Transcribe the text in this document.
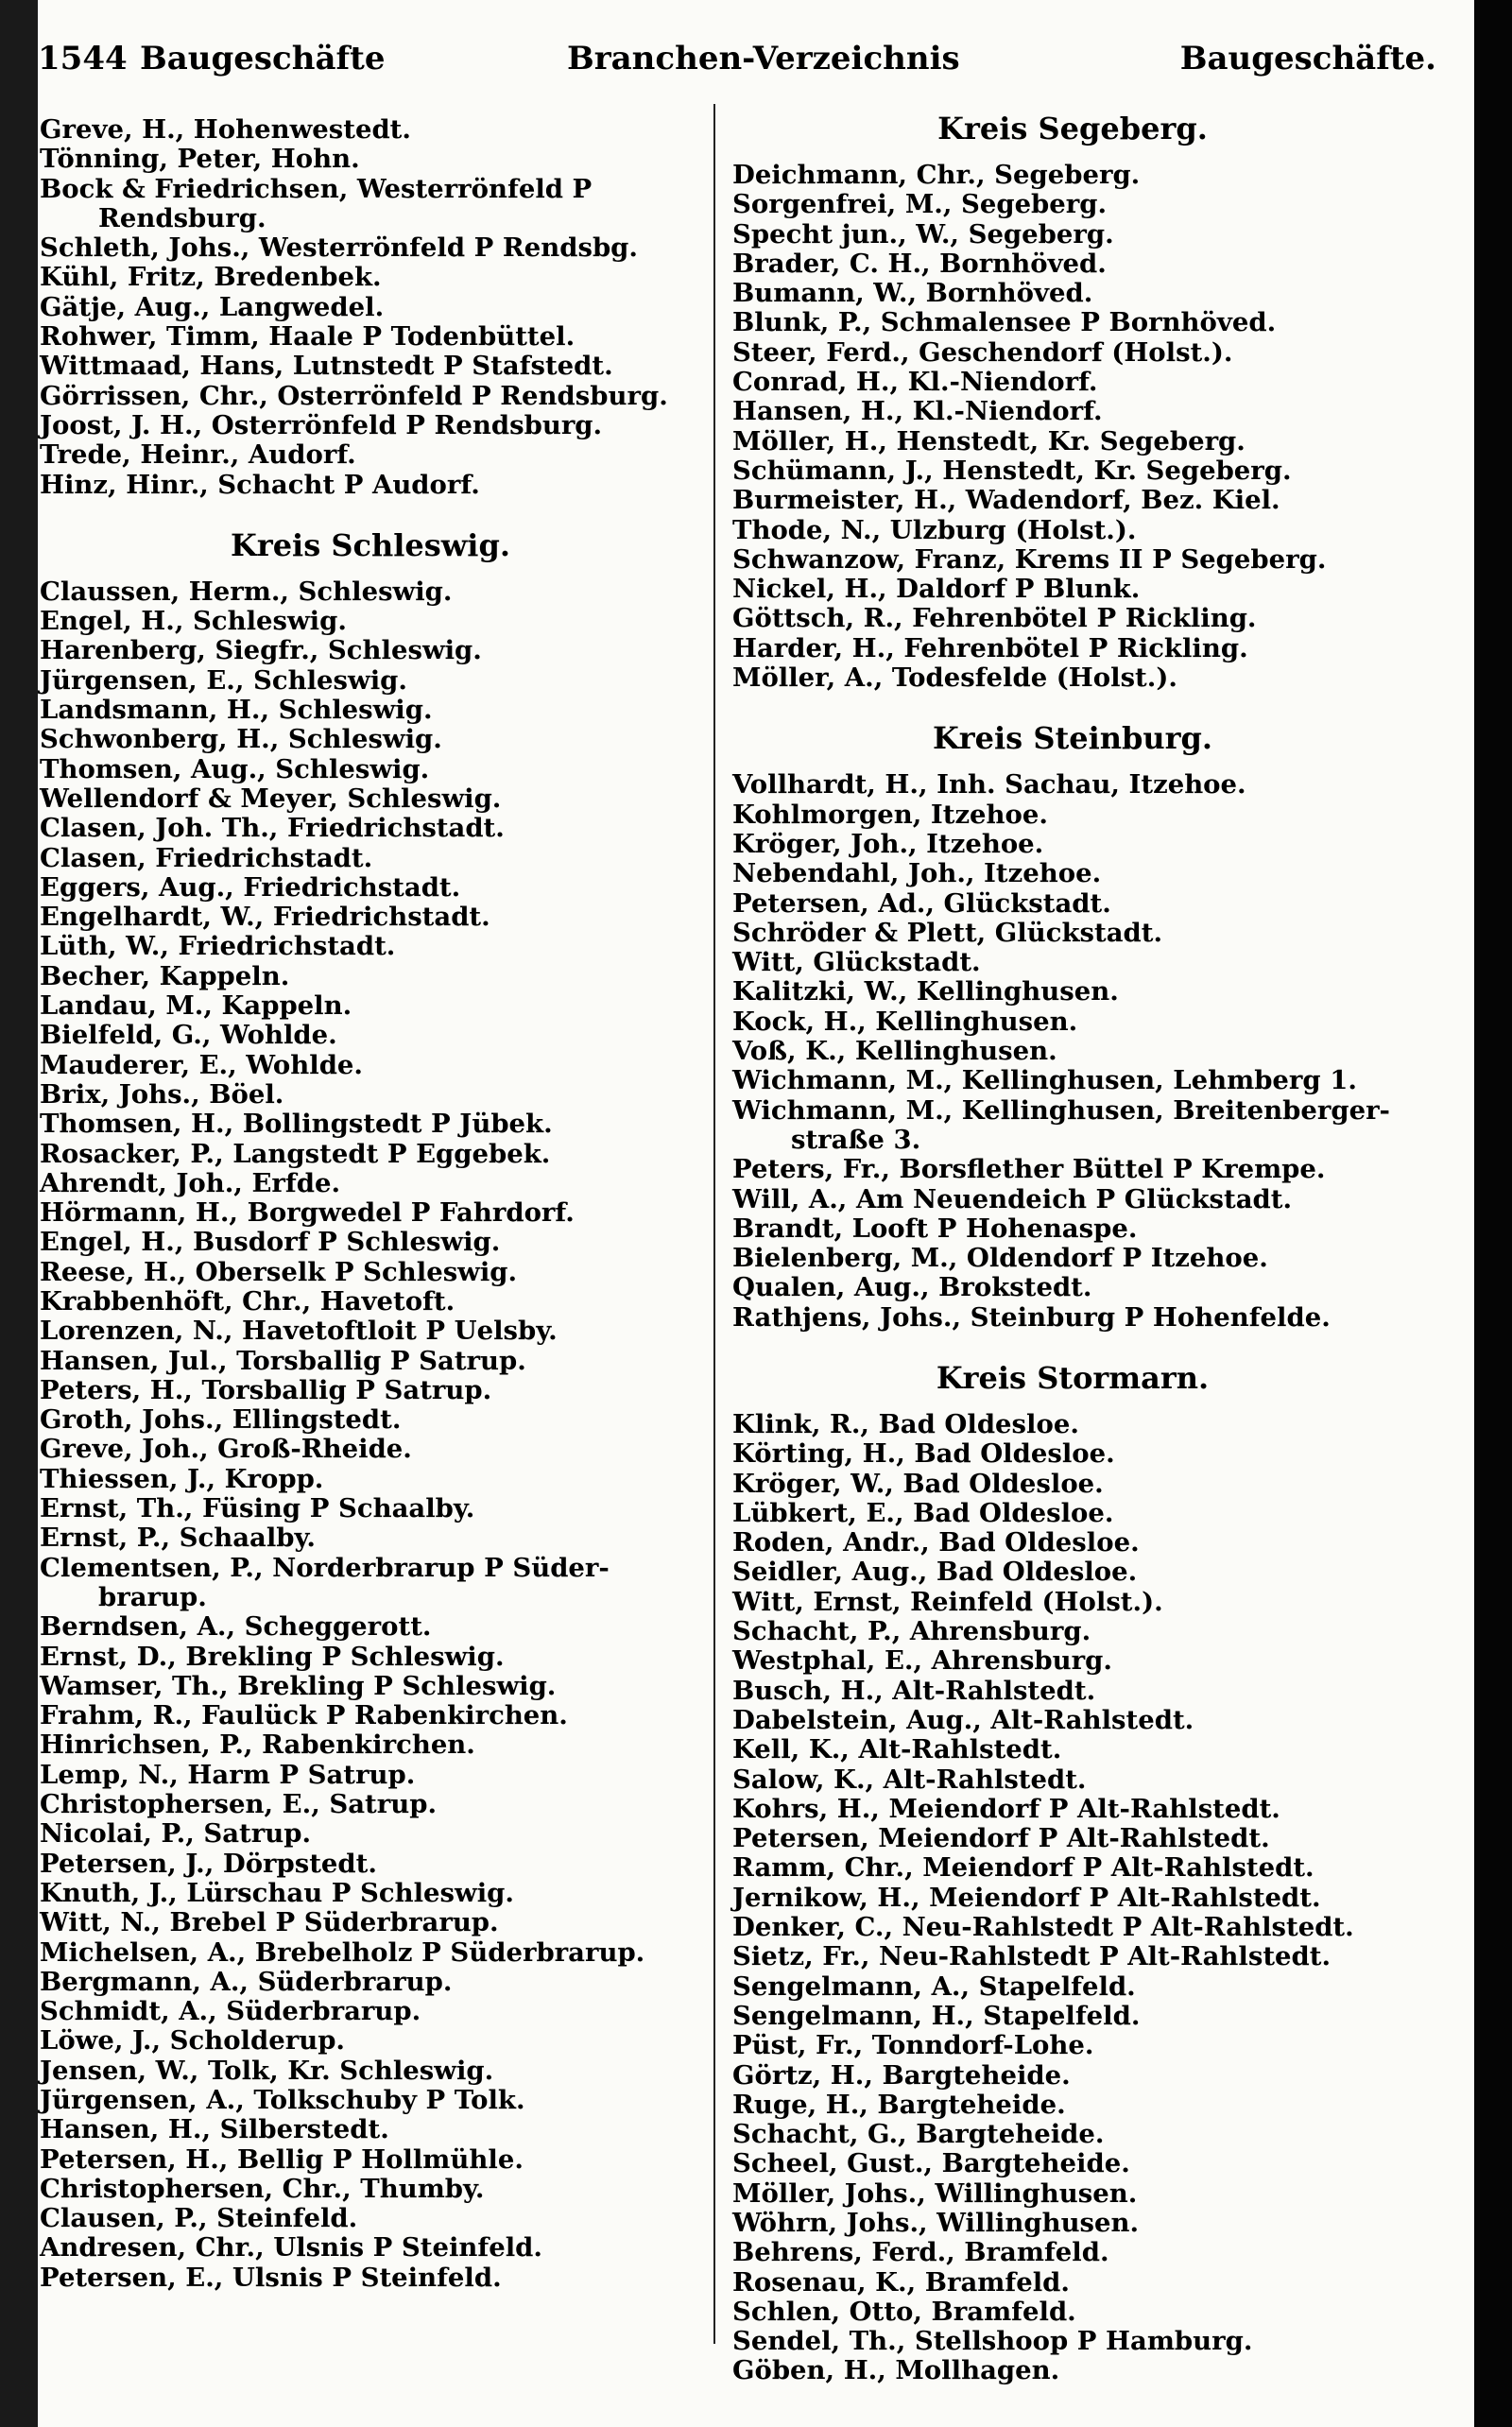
1544 Baugeschäfte	Branchen-Verzeichnis	Baugeschäfte.
Greve, H., Hohenwestedt.
Tönning, Peter, Hohn.
Bock & Friedrichsen, Westerrönfeld P
Rendsburg.
Schleth, Johs., Westerrönfeld P Rendsbg.
Kühl, Fritz, Bredenbek.
Gätje, Aug., Langwedel.
Rohwer, Timm, Haale P Todenbüttel.
Wittmaad, Hans, Lutnstedt P Stafstedt.
Görrissen, Chr., Osterrönfeld P Rendsburg.
Joost, J. H., Osterrönfeld P Rendsburg.
Trede, Heinr., Audorf.
Hinz, Hinr., Schacht P Audorf.
Kreis Schleswig.
Claussen, Herm., Schleswig.
Engel, H., Schleswig.
Harenberg, Siegfr., Schleswig.
Jürgensen, E., Schleswig.
Landsmann, H., Schleswig.
Schwonberg, H., Schleswig.
Thomsen, Aug., Schleswig.
Wellendorf & Meyer, Schleswig.
Clasen, Joh. Th., Friedrichstadt.
Clasen, Friedrichstadt.
Eggers, Aug., Friedrichstadt.
Engelhardt, W., Friedrichstadt.
Lüth, W., Friedrichstadt.
Becher, Kappeln.
Landau, M., Kappeln.
Bielfeld, G., Wohlde.
Mauderer, E., Wohlde.
Brix, Johs., Böel.
Thomsen, H., Bollingstedt P Jübek.
Rosacker, P., Langstedt P Eggebek.
Ahrendt, Joh., Erfde.
Hörmann, H., Borgwedel P Fahrdorf.
Engel, H., Busdorf P Schleswig.
Reese, H., Oberselk P Schleswig.
Krabbenhöft, Chr., Havetoft.
Lorenzen, N., Havetoftloit P Uelsby.
Hansen, Jul., Torsballig P Satrup.
Peters, H., Torsballig P Satrup.
Groth, Johs., Ellingstedt.
Greve, Joh., Groß-Rheide.
Thiessen, J., Kropp.
Ernst, Th., Füsing P Schaalby.
Ernst, P., Schaalby.
Clementsen, P., Norderbrarup P Süder-
brarup.
Berndsen, A., Scheggerott.
Ernst, D., Brekling P Schleswig.
Wamser, Th., Brekling P Schleswig.
Frahm, R., Faulück P Rabenkirchen.
Hinrichsen, P., Rabenkirchen.
Lemp, N., Harm P Satrup.
Christophersen, E., Satrup.
Nicolai, P., Satrup.
Petersen, J., Dörpstedt.
Knuth, J., Lürschau P Schleswig.
Witt, N., Brebel P Süderbrarup.
Michelsen, A., Brebelholz P Süderbrarup.
Bergmann, A., Süderbrarup.
Schmidt, A., Süderbrarup.
Löwe, J., Scholderup.
Jensen, W., Tolk, Kr. Schleswig.
Jürgensen, A., Tolkschuby P Tolk.
Hansen, H., Silberstedt.
Petersen, H., Bellig P Hollmühle.
Christophersen, Chr., Thumby.
Clausen, P., Steinfeld.
Andresen, Chr., Ulsnis P Steinfeld.
Petersen, E., Ulsnis P Steinfeld.
Kreis Segeberg.
Deichmann, Chr., Segeberg.
Sorgenfrei, M., Segeberg.
Specht jun., W., Segeberg.
Brader, C. H., Bornhöved.
Bumann, W., Bornhöved.
Blunk, P., Schmalensee P Bornhöved.
Steer, Ferd., Geschendorf (Holst.).
Conrad, H., Kl.-Niendorf.
Hansen, H., Kl.-Niendorf.
Möller, H., Henstedt, Kr. Segeberg.
Schümann, J., Henstedt, Kr. Segeberg.
Burmeister, H., Wadendorf, Bez. Kiel.
Thode, N., Ulzburg (Holst.).
Schwanzow, Franz, Krems II P Segeberg.
Nickel, H., Daldorf P Blunk.
Göttsch, R., Fehrenbötel P Rickling.
Harder, H., Fehrenbötel P Rickling.
Möller, A., Todesfelde (Holst.).
Kreis Steinburg.
Vollhardt, H., Inh. Sachau, Itzehoe.
Kohlmorgen, Itzehoe.
Kröger, Joh., Itzehoe.
Nebendahl, Joh., Itzehoe.
Petersen, Ad., Glückstadt.
Schröder & Plett, Glückstadt.
Witt, Glückstadt.
Kalitzki, W., Kellinghusen.
Kock, H., Kellinghusen.
Voß, K., Kellinghusen.
Wichmann, M., Kellinghusen, Lehmberg 1.
Wichmann, M., Kellinghusen, Breitenberger-
straße 3.
Peters, Fr., Borsflether Büttel P Krempe.
Will, A., Am Neuendeich P Glückstadt.
Brandt, Looft P Hohenaspe.
Bielenberg, M., Oldendorf P Itzehoe.
Qualen, Aug., Brokstedt.
Rathjens, Johs., Steinburg P Hohenfelde.
Kreis Stormarn.
Klink, R., Bad Oldesloe.
Körting, H., Bad Oldesloe.
Kröger, W., Bad Oldesloe.
Lübkert, E., Bad Oldesloe.
Roden, Andr., Bad Oldesloe.
Seidler, Aug., Bad Oldesloe.
Witt, Ernst, Reinfeld (Holst.).
Schacht, P., Ahrensburg.
Westphal, E., Ahrensburg.
Busch, H., Alt-Rahlstedt.
Dabelstein, Aug., Alt-Rahlstedt.
Kell, K., Alt-Rahlstedt.
Salow, K., Alt-Rahlstedt.
Kohrs, H., Meiendorf P Alt-Rahlstedt.
Petersen, Meiendorf P Alt-Rahlstedt.
Ramm, Chr., Meiendorf P Alt-Rahlstedt.
Jernikow, H., Meiendorf P Alt-Rahlstedt.
Denker, C., Neu-Rahlstedt P Alt-Rahlstedt.
Sietz, Fr., Neu-Rahlstedt P Alt-Rahlstedt.
Sengelmann, A., Stapelfeld.
Sengelmann, H., Stapelfeld.
Püst, Fr., Tonndorf-Lohe.
Görtz, H., Bargteheide.
Ruge, H., Bargteheide.
Schacht, G., Bargteheide.
Scheel, Gust., Bargteheide.
Möller, Johs., Willinghusen.
Wöhrn, Johs., Willinghusen.
Behrens, Ferd., Bramfeld.
Rosenau, K., Bramfeld.
Schlen, Otto, Bramfeld.
Sendel, Th., Stellshoop P Hamburg.
Göben, H., Mollhagen.
